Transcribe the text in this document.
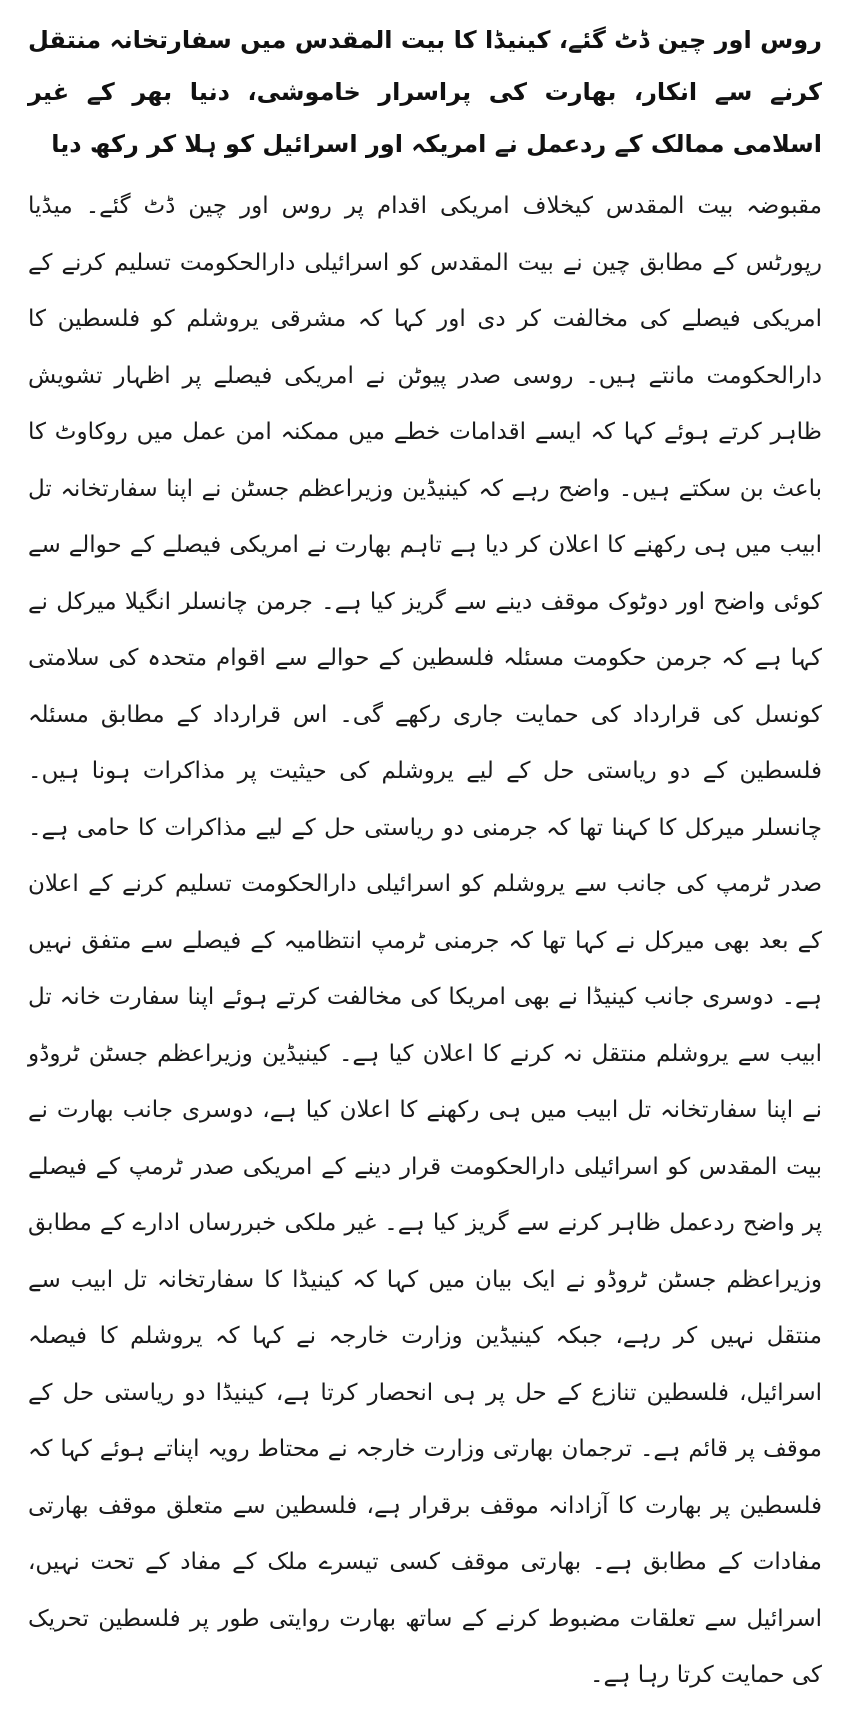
روس اور چین ڈٹ گئے، کینیڈا کا بیت المقدس میں سفارتخانہ منتقل کرنے سے انکار، بھارت کی پراسرار خاموشی، دنیا بھر کے غیر اسلامی ممالک کے ردعمل نے امریکہ اور اسرائیل کو ہلا کر رکھ دیا

مقبوضہ بیت المقدس کیخلاف امریکی اقدام پر روس اور چین ڈٹ گئے۔ میڈیا رپورٹس کے مطابق چین نے بیت المقدس کو اسرائیلی دارالحکومت تسلیم کرنے کے امریکی فیصلے کی مخالفت کر دی اور کہا کہ مشرقی یروشلم کو فلسطین کا دارالحکومت مانتے ہیں۔ روسی صدر پیوٹن نے امریکی فیصلے پر اظہار تشویش ظاہر کرتے ہوئے کہا کہ ایسے اقدامات خطے میں ممکنہ امن عمل میں روکاوٹ کا باعث بن سکتے ہیں۔ واضح رہے کہ کینیڈین وزیراعظم جسٹن نے اپنا سفارتخانہ تل ابیب میں ہی رکھنے کا اعلان کر دیا ہے تاہم بھارت نے امریکی فیصلے کے حوالے سے کوئی واضح اور دوٹوک موقف دینے سے گریز کیا ہے۔ جرمن چانسلر انگیلا میرکل نے کہا ہے کہ جرمن حکومت مسئلہ فلسطین کے حوالے سے اقوام متحدہ کی سلامتی کونسل کی قرارداد کی حمایت جاری رکھے گی۔ اس قرارداد کے مطابق مسئلہ فلسطین کے دو ریاستی حل کے لیے یروشلم کی حیثیت پر مذاکرات ہونا ہیں۔ چانسلر میرکل کا کہنا تھا کہ جرمنی دو ریاستی حل کے لیے مذاکرات کا حامی ہے۔ صدر ٹرمپ کی جانب سے یروشلم کو اسرائیلی دارالحکومت تسلیم کرنے کے اعلان کے بعد بھی میرکل نے کہا تھا کہ جرمنی ٹرمپ انتظامیہ کے فیصلے سے متفق نہیں ہے۔ دوسری جانب کینیڈا نے بھی امریکا کی مخالفت کرتے ہوئے اپنا سفارت خانہ تل ابیب سے یروشلم منتقل نہ کرنے کا اعلان کیا ہے۔ کینیڈین وزیراعظم جسٹن ٹروڈو نے اپنا سفارتخانہ تل ابیب میں ہی رکھنے کا اعلان کیا ہے، دوسری جانب بھارت نے بیت المقدس کو اسرائیلی دارالحکومت قرار دینے کے امریکی صدر ٹرمپ کے فیصلے پر واضح ردعمل ظاہر کرنے سے گریز کیا ہے۔ غیر ملکی خبررساں ادارے کے مطابق وزیراعظم جسٹن ٹروڈو نے ایک بیان میں کہا کہ کینیڈا کا سفارتخانہ تل ابیب سے منتقل نہیں کر رہے، جبکہ کینیڈین وزارت خارجہ نے کہا کہ یروشلم کا فیصلہ اسرائیل، فلسطین تنازع کے حل پر ہی انحصار کرتا ہے، کینیڈا دو ریاستی حل کے موقف پر قائم ہے۔ ترجمان بھارتی وزارت خارجہ نے محتاط رویہ اپناتے ہوئے کہا کہ فلسطین پر بھارت کا آزادانہ موقف برقرار ہے، فلسطین سے متعلق موقف بھارتی مفادات کے مطابق ہے۔ بھارتی موقف کسی تیسرے ملک کے مفاد کے تحت نہیں، اسرائیل سے تعلقات مضبوط کرنے کے ساتھ بھارت روایتی طور پر فلسطین تحریک کی حمایت کرتا رہا ہے۔
